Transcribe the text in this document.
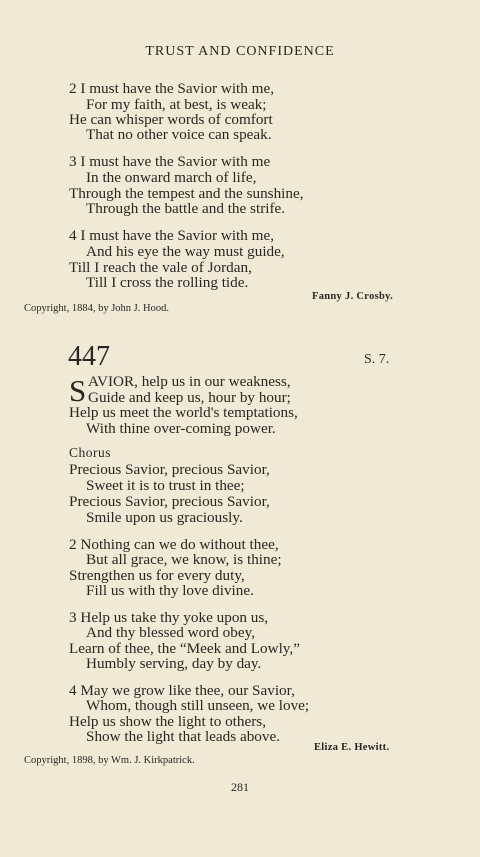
TRUST AND CONFIDENCE
2 I must have the Savior with me,
For my faith, at best, is weak;
He can whisper words of comfort
That no other voice can speak.
3 I must have the Savior with me
In the onward march of life,
Through the tempest and the sunshine,
Through the battle and the strife.
4 I must have the Savior with me,
And his eye the way must guide,
Till I reach the vale of Jordan,
Till I cross the rolling tide.
Fanny J. Crosby.
Copyright, 1884, by John J. Hood.
447	S. 7.
S AVIOR, help us in our weakness,
Guide and keep us, hour by hour;
Help us meet the world's temptations,
With thine over-coming power.
Chorus
Precious Savior, precious Savior,
Sweet it is to trust in thee;
Precious Savior, precious Savior,
Smile upon us graciously.
2 Nothing can we do without thee,
But all grace, we know, is thine;
Strengthen us for every duty,
Fill us with thy love divine.
3 Help us take thy yoke upon us,
And thy blessed word obey,
Learn of thee, the “Meek and Lowly,”
Humbly serving, day by day.
4 May we grow like thee, our Savior,
Whom, though still unseen, we love;
Help us show the light to others,
Show the light that leads above.
Eliza E. Hewitt.
Copyright, 1898, by Wm. J. Kirkpatrick.
281
